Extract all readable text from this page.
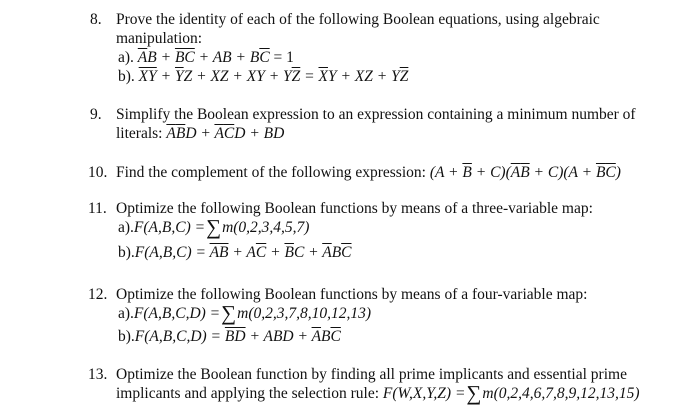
8. Prove the identity of each of the following Boolean equations, using algebraic
manipulation:
a). $\overline{A}B + \overline{BC}$ + AB + $B\overline{C} = 1$
b). $\overline{XY} + \overline{Y}Z$ + XZ + XY + $Y\overline{Z} = \overline{X}Y$ + XZ + $Y\overline{Z}$
9. Simplify the Boolean expression to an expression containing a minimum number of
literals: $\overline{A}\overline{B}D + \overline{A}\overline{C}D$ + BD
10. Find the complement of the following expression: $(A + \overline{B} + C)(\overline{A}\overline{B} + C)(A + \overline{B}\overline{C})$
11. Optimize the following Boolean functions by means of a three-variable map:
a).F(A,B,C) =∑m(0,2,3,4,5,7)
$b).F(A,B,C) = \overline{AB} + A\overline{C} + \overline{B}C + \overline{A}B\overline{C}$
12. Optimize the following Boolean functions by means of a four-variable map:
a).F(A,B,C,D) =∑m(0,2,3,7,8,10,12,13)
$b).F(A,B,C,D) = \overline{BD}$ + ABD + $\overline{A}B\overline{C}$
13. Optimize the Boolean function by finding all prime implicants and essential prime
implicants and applying the selection rule: F(W,X,Y,Z) =∑m(0,2,4,6,7,8,9,12,13,15)
